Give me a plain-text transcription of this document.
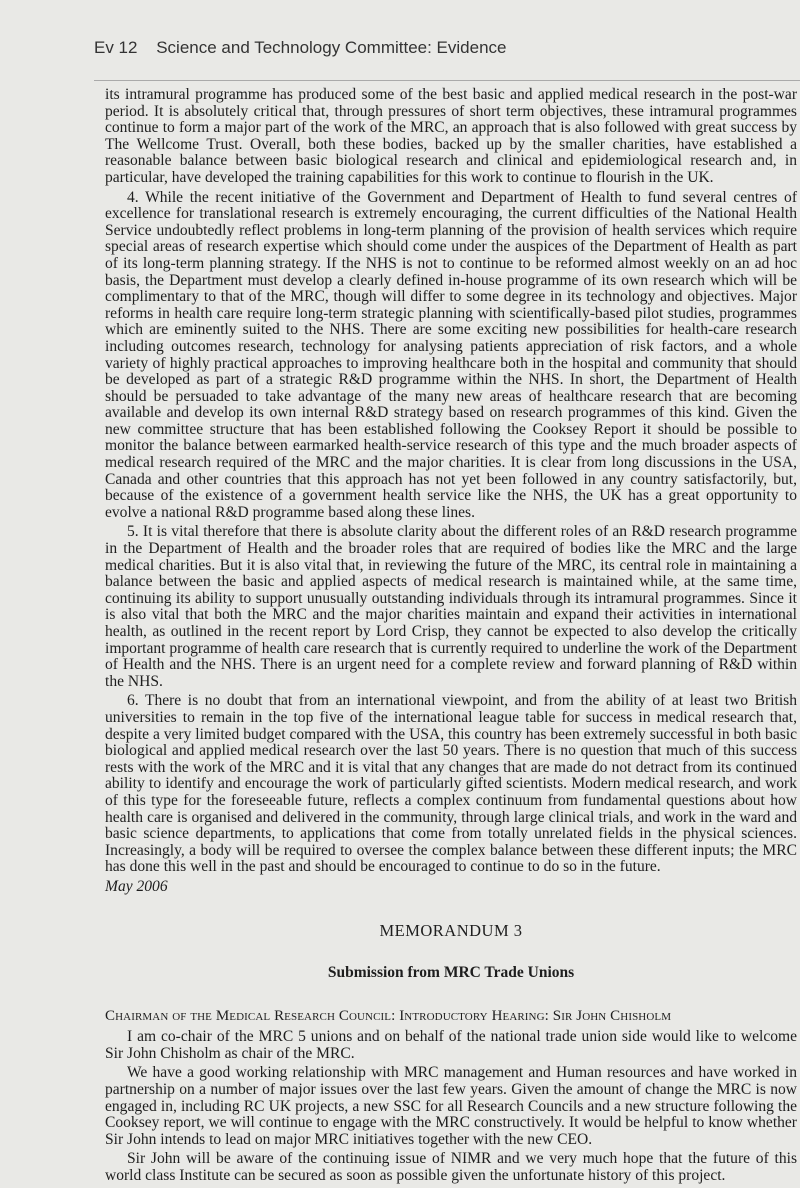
Ev 12 Science and Technology Committee: Evidence

its intramural programme has produced some of the best basic and applied medical research in the post-war period. It is absolutely critical that, through pressures of short term objectives, these intramural programmes continue to form a major part of the work of the MRC, an approach that is also followed with great success by The Wellcome Trust. Overall, both these bodies, backed up by the smaller charities, have established a reasonable balance between basic biological research and clinical and epidemiological research and, in particular, have developed the training capabilities for this work to continue to flourish in the UK.

4. While the recent initiative of the Government and Department of Health to fund several centres of excellence for translational research is extremely encouraging, the current difficulties of the National Health Service undoubtedly reflect problems in long-term planning of the provision of health services which require special areas of research expertise which should come under the auspices of the Department of Health as part of its long-term planning strategy. If the NHS is not to continue to be reformed almost weekly on an ad hoc basis, the Department must develop a clearly defined in-house programme of its own research which will be complimentary to that of the MRC, though will differ to some degree in its technology and objectives. Major reforms in health care require long-term strategic planning with scientifically-based pilot studies, programmes which are eminently suited to the NHS. There are some exciting new possibilities for health-care research including outcomes research, technology for analysing patients appreciation of risk factors, and a whole variety of highly practical approaches to improving healthcare both in the hospital and community that should be developed as part of a strategic R&D programme within the NHS. In short, the Department of Health should be persuaded to take advantage of the many new areas of healthcare research that are becoming available and develop its own internal R&D strategy based on research programmes of this kind. Given the new committee structure that has been established following the Cooksey Report it should be possible to monitor the balance between earmarked health-service research of this type and the much broader aspects of medical research required of the MRC and the major charities. It is clear from long discussions in the USA, Canada and other countries that this approach has not yet been followed in any country satisfactorily, but, because of the existence of a government health service like the NHS, the UK has a great opportunity to evolve a national R&D programme based along these lines.

5. It is vital therefore that there is absolute clarity about the different roles of an R&D research programme in the Department of Health and the broader roles that are required of bodies like the MRC and the large medical charities. But it is also vital that, in reviewing the future of the MRC, its central role in maintaining a balance between the basic and applied aspects of medical research is maintained while, at the same time, continuing its ability to support unusually outstanding individuals through its intramural programmes. Since it is also vital that both the MRC and the major charities maintain and expand their activities in international health, as outlined in the recent report by Lord Crisp, they cannot be expected to also develop the critically important programme of health care research that is currently required to underline the work of the Department of Health and the NHS. There is an urgent need for a complete review and forward planning of R&D within the NHS.

6. There is no doubt that from an international viewpoint, and from the ability of at least two British universities to remain in the top five of the international league table for success in medical research that, despite a very limited budget compared with the USA, this country has been extremely successful in both basic biological and applied medical research over the last 50 years. There is no question that much of this success rests with the work of the MRC and it is vital that any changes that are made do not detract from its continued ability to identify and encourage the work of particularly gifted scientists. Modern medical research, and work of this type for the foreseeable future, reflects a complex continuum from fundamental questions about how health care is organised and delivered in the community, through large clinical trials, and work in the ward and basic science departments, to applications that come from totally unrelated fields in the physical sciences. Increasingly, a body will be required to oversee the complex balance between these different inputs; the MRC has done this well in the past and should be encouraged to continue to do so in the future.

May 2006
MEMORANDUM 3
Submission from MRC Trade Unions
Chairman of the Medical Research Council: Introductory Hearing: Sir John Chisholm

I am co-chair of the MRC 5 unions and on behalf of the national trade union side would like to welcome Sir John Chisholm as chair of the MRC.

We have a good working relationship with MRC management and Human resources and have worked in partnership on a number of major issues over the last few years. Given the amount of change the MRC is now engaged in, including RC UK projects, a new SSC for all Research Councils and a new structure following the Cooksey report, we will continue to engage with the MRC constructively. It would be helpful to know whether Sir John intends to lead on major MRC initiatives together with the new CEO.

Sir John will be aware of the continuing issue of NIMR and we very much hope that the future of this world class Institute can be secured as soon as possible given the unfortunate history of this project.
